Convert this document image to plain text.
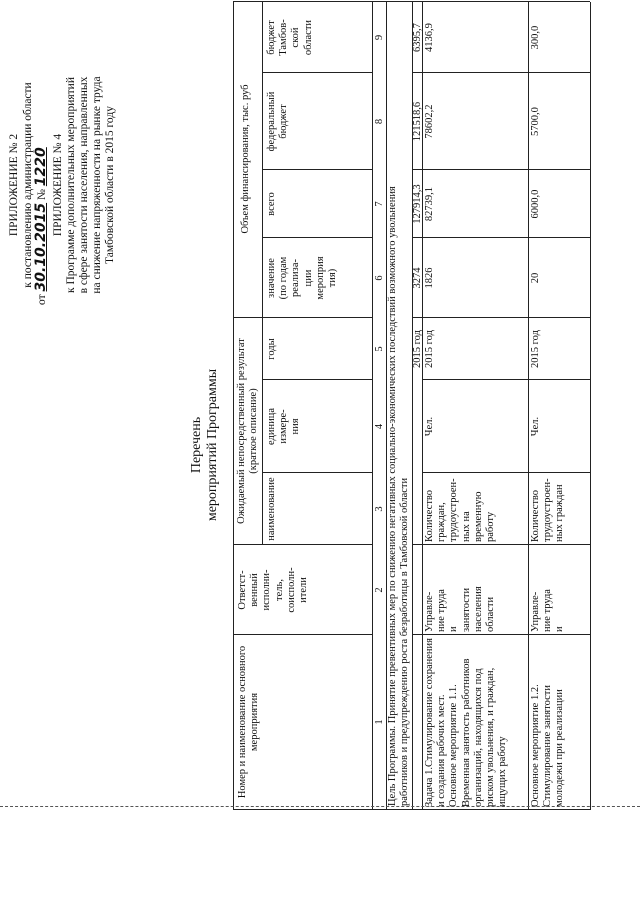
ПРИЛОЖЕНИЕ № 2 к постановлению администрации области
от 30.10.2015 № 1220 ПРИЛОЖЕНИЕ № 4 к Программе дополнительных мероприятий в сфере занятости населения, направленных на снижение напряженности на рынке труда Тамбовской области в 2015 году
Перечень мероприятий Программы
Номер и наименование основного
мероприятия
Ответст-
венный
исполни-
тель,
соисполн-
ители
Ожидаемый непосредственный результат
(краткое описание)
Объем финансирования, тыс. руб
наименование
единица
измере-
ния
годы
значение
(по годам
реализа-
ции
мероприя
тия)
всего
федеральный
бюджет
бюджет
Тамбов-
ской
области
1
2
3
4
5
6
7
8
9
Цель Программы. Принятие превентивных мер по снижению негативных социально-экономических последствий возможного увольнения
работников и предупреждению роста безработицы в Тамбовской области
2015 год
3274
127914,3
121518,6
6395,7
Задача 1.Стимулирование сохранения
и создания рабочих мест.
Основное мероприятие 1.1.
Временная занятость работников
организаций, находящихся под
риском увольнения, и граждан,
ищущих работу
Управле-
ние труда
и
занятости
населения
области
Количество
граждан,
трудоустроен-
ных на
временную
работу
Чел.
2015 год
1826
82739,1
78602,2
4136,9
Основное мероприятие 1.2.
Стимулирование занятости
молодежи при реализации
Управле-
ние труда
и
Количество
трудоустроен-
ных граждан
Чел.
2015 год
20
6000,0
5700,0
300,0
